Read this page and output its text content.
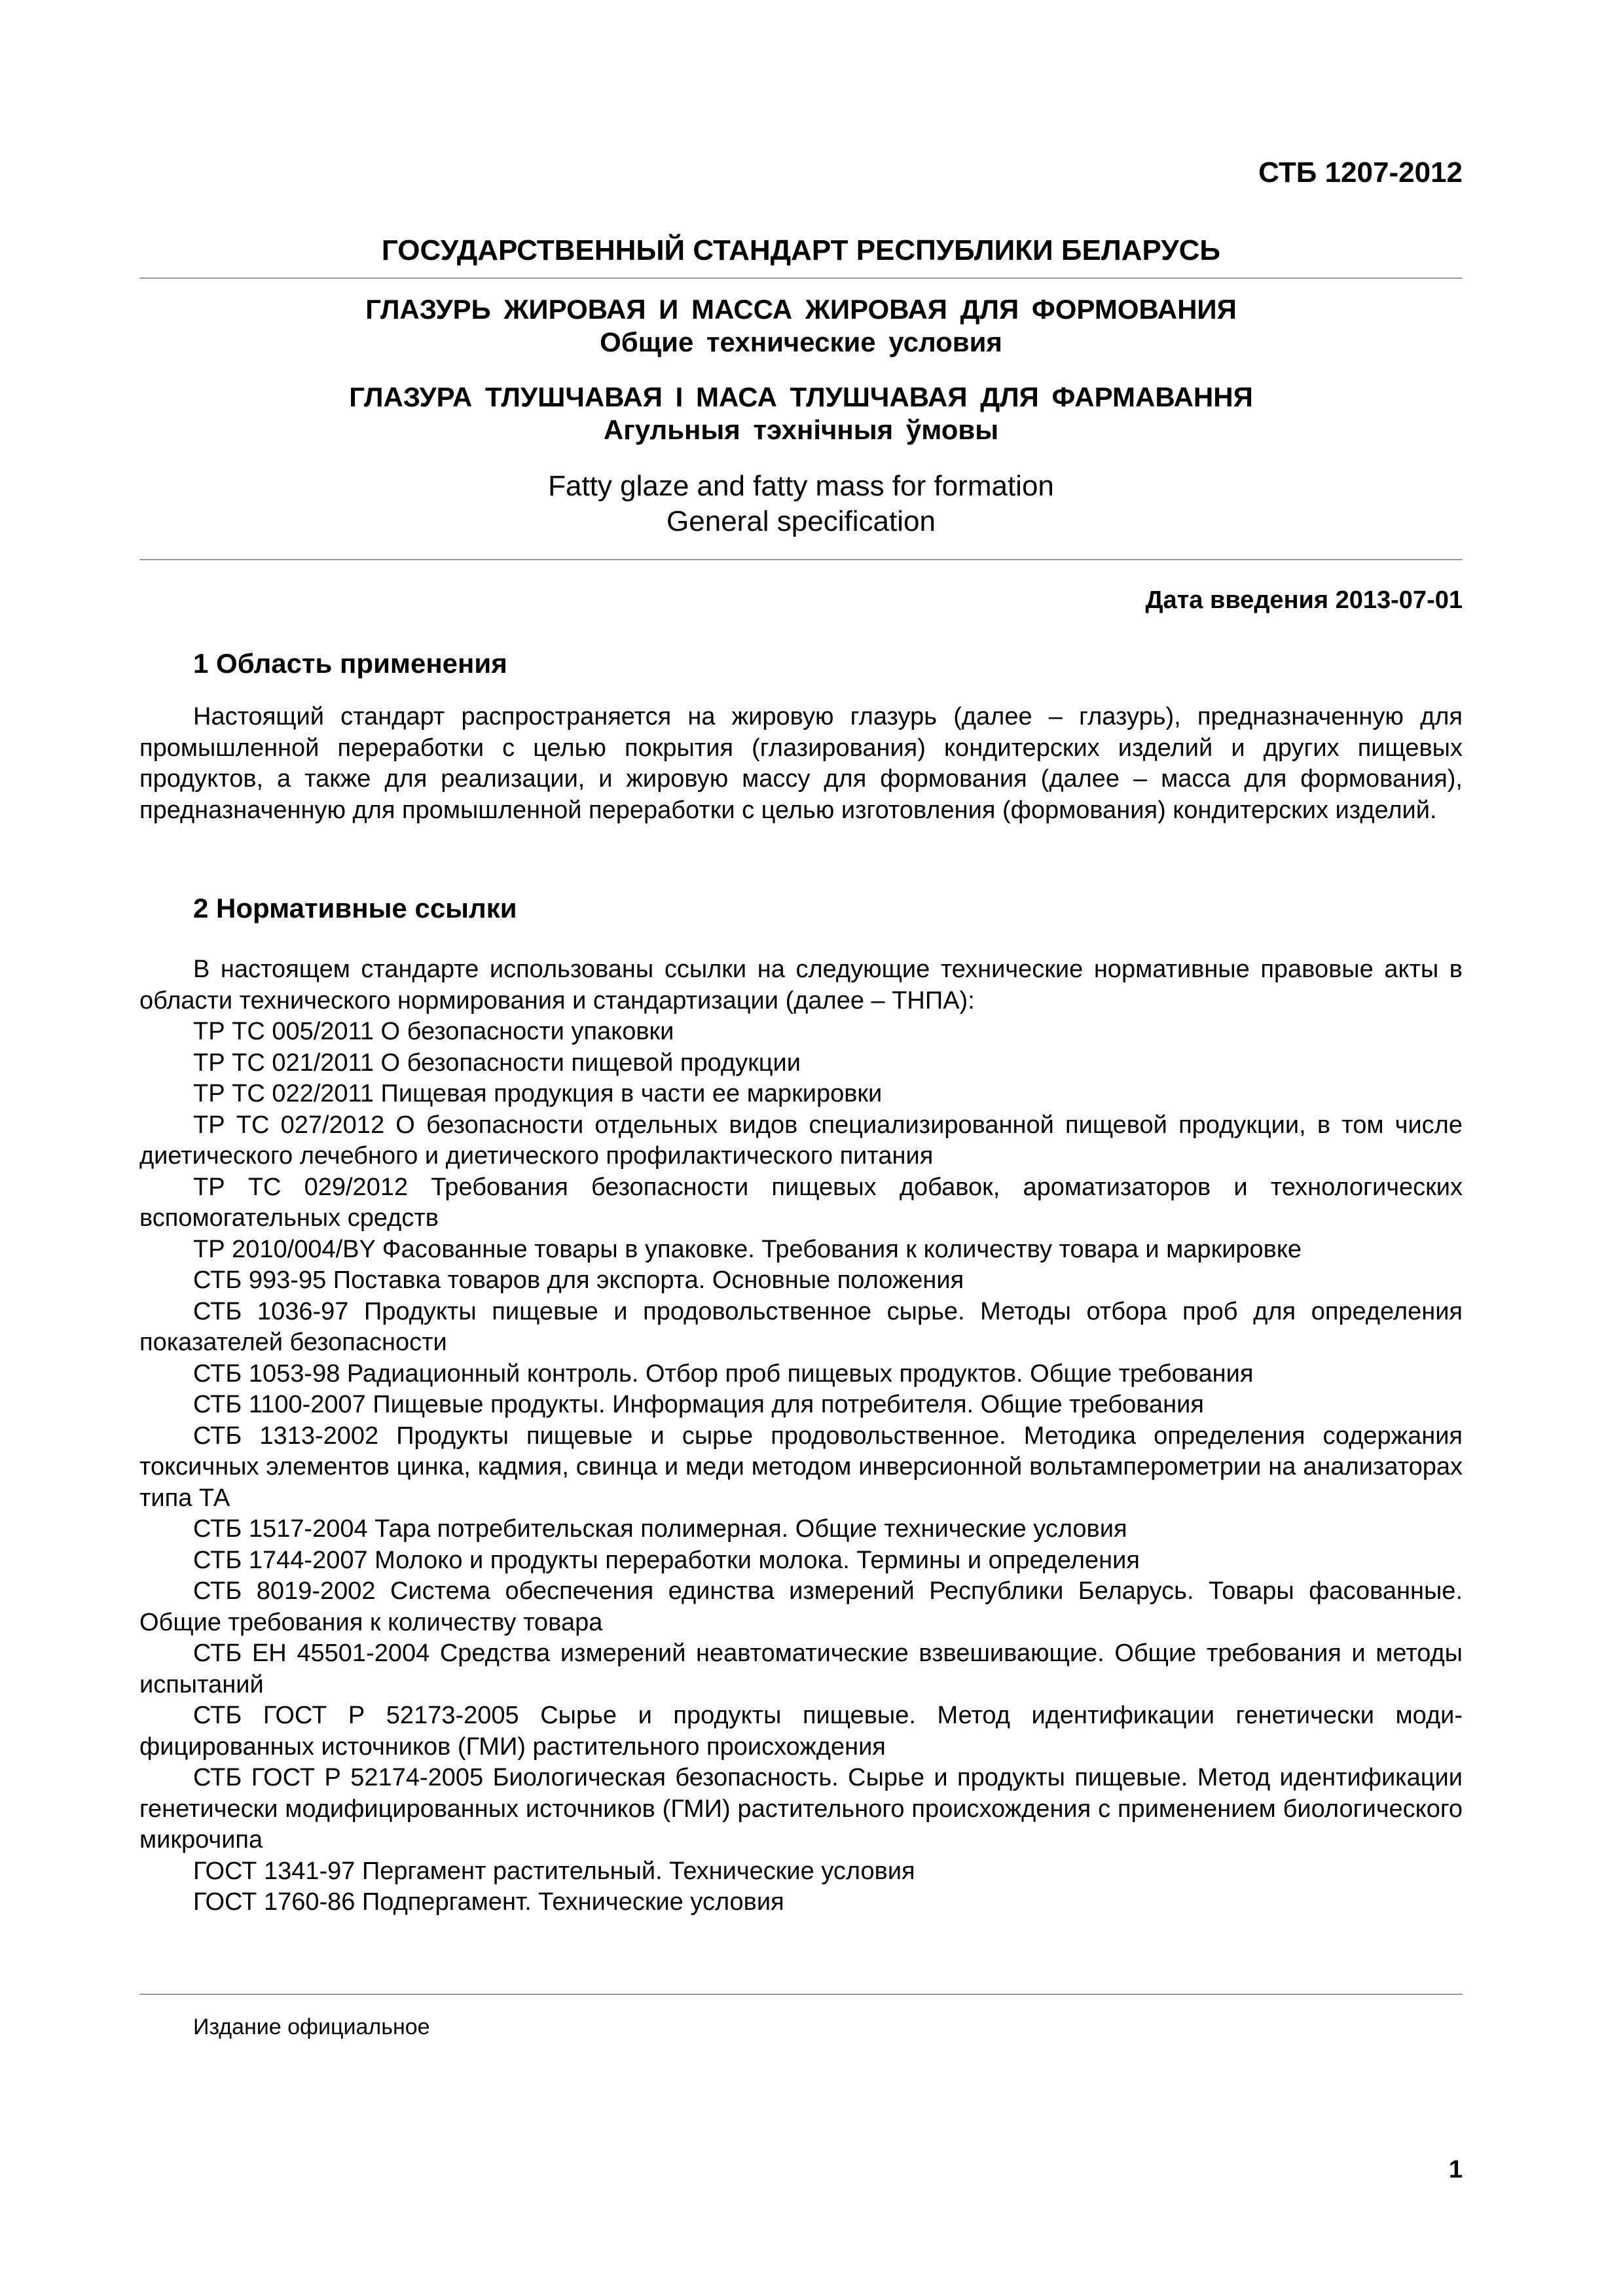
СТБ 1207-2012
ГОСУДАРСТВЕННЫЙ СТАНДАРТ РЕСПУБЛИКИ БЕЛАРУСЬ
ГЛАЗУРЬ ЖИРОВАЯ И МАССА ЖИРОВАЯ ДЛЯ ФОРМОВАНИЯ
Общие технические условия
ГЛАЗУРА ТЛУШЧАВАЯ І МАСА ТЛУШЧАВАЯ ДЛЯ ФАРМАВАННЯ
Агульныя тэхнічныя ўмовы
Fatty glaze and fatty mass for formation
General specification
Дата введения 2013-07-01
1 Область применения

Настоящий стандарт распространяется на жировую глазурь (далее – глазурь), предназначенную для промышленной переработки с целью покрытия (глазирования) кондитерских изделий и других пищевых продуктов, а также для реализации, и жировую массу для формования (далее – масса для формования), предназначенную для промышленной переработки с целью изготовления (формования) кондитерских изделий.

2 Нормативные ссылки

В настоящем стандарте использованы ссылки на следующие технические нормативные правовые акты в области технического нормирования и стандартизации (далее – ТНПА):

ТР ТС 005/2011 О безопасности упаковки

ТР ТС 021/2011 О безопасности пищевой продукции

ТР ТС 022/2011 Пищевая продукция в части ее маркировки

ТР ТС 027/2012 О безопасности отдельных видов специализированной пищевой продукции, в том числе диетического лечебного и диетического профилактического питания

ТР ТС 029/2012 Требования безопасности пищевых добавок, ароматизаторов и технологических вспомогательных средств

ТР 2010/004/BY Фасованные товары в упаковке. Требования к количеству товара и маркировке

СТБ 993-95 Поставка товаров для экспорта. Основные положения

СТБ 1036-97 Продукты пищевые и продовольственное сырье. Методы отбора проб для определения показателей безопасности

СТБ 1053-98 Радиационный контроль. Отбор проб пищевых продуктов. Общие требования

СТБ 1100-2007 Пищевые продукты. Информация для потребителя. Общие требования

СТБ 1313-2002 Продукты пищевые и сырье продовольственное. Методика определения содержания токсичных элементов цинка, кадмия, свинца и меди методом инверсионной вольтамперометрии на анализаторах типа ТА

СТБ 1517-2004 Тара потребительская полимерная. Общие технические условия

СТБ 1744-2007 Молоко и продукты переработки молока. Термины и определения

СТБ 8019-2002 Система обеспечения единства измерений Республики Беларусь. Товары фасованные. Общие требования к количеству товара

СТБ ЕН 45501-2004 Средства измерений неавтоматические взвешивающие. Общие требования и методы испытаний

СТБ ГОСТ Р 52173-2005 Сырье и продукты пищевые. Метод идентификации генетически модифицированных источников (ГМИ) растительного происхождения

СТБ ГОСТ Р 52174-2005 Биологическая безопасность. Сырье и продукты пищевые. Метод идентификации генетически модифицированных источников (ГМИ) растительного происхождения с применением биологического микрочипа

ГОСТ 1341-97 Пергамент растительный. Технические условия

ГОСТ 1760-86 Подпергамент. Технические условия

Издание официальное
1
